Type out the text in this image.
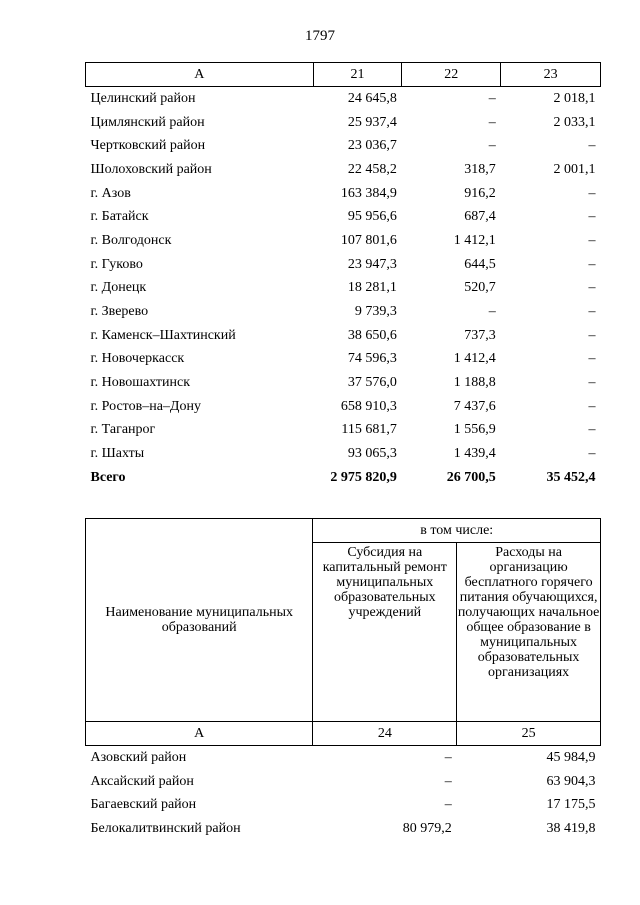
1797
А	21	22	23
Целинский район	24 645,8	–	2 018,1
Цимлянский район	25 937,4	–	2 033,1
Чертковский район	23 036,7	–	–
Шолоховский район	22 458,2	318,7	2 001,1
г. Азов	163 384,9	916,2	–
г. Батайск	95 956,6	687,4	–
г. Волгодонск	107 801,6	1 412,1	–
г. Гуково	23 947,3	644,5	–
г. Донецк	18 281,1	520,7	–
г. Зверево	9 739,3	–	–
г. Каменск–Шахтинский	38 650,6	737,3	–
г. Новочеркасск	74 596,3	1 412,4	–
г. Новошахтинск	37 576,0	1 188,8	–
г. Ростов–на–Дону	658 910,3	7 437,6	–
г. Таганрог	115 681,7	1 556,9	–
г. Шахты	93 065,3	1 439,4	–
Всего	2 975 820,9	26 700,5	35 452,4
Наименование муниципальных образований	в том числе:	
	Субсидия на капитальный ремонт муниципальных образовательных учреждений	Расходы на организацию бесплатного горячего питания обучающихся, получающих начальное общее образование в муниципальных образовательных организациях
А	24	25
Азовский район	–	45 984,9
Аксайский район	–	63 904,3
Багаевский район	–	17 175,5
Белокалитвинский район	80 979,2	38 419,8
